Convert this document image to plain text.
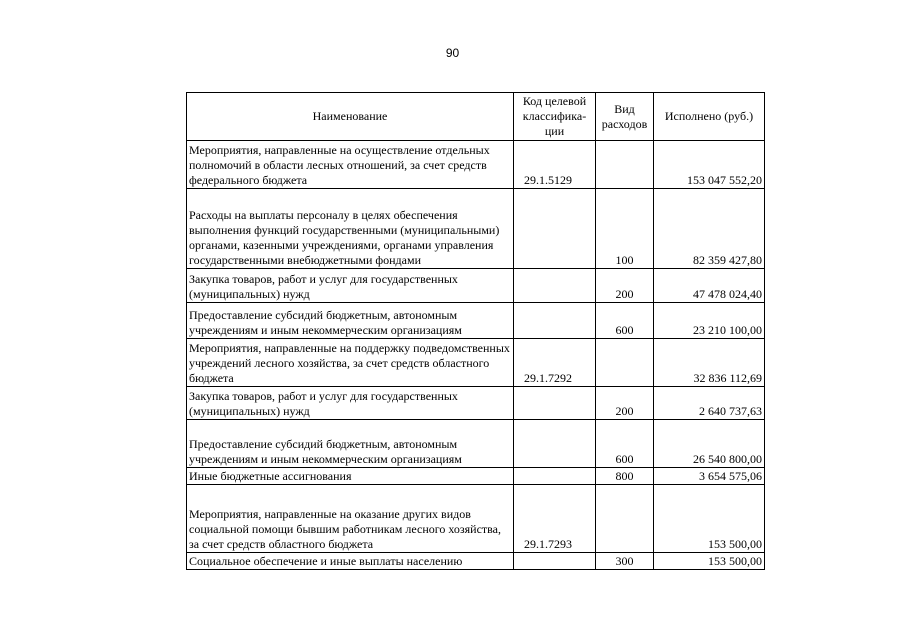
90
Наименование	Код целевой классифика-ции	Вид расходов	Исполнено (руб.)
Мероприятия, направленные на осуществление отдельных полномочий в области лесных отношений, за счет средств федерального бюджета	29.1.5129		153 047 552,20
Расходы на выплаты персоналу в целях обеспечения выполнения функций государственными (муниципальными) органами, казенными учреждениями, органами управления государственными внебюджетными фондами		100	82 359 427,80
Закупка товаров, работ и услуг для государственных (муниципальных) нужд		200	47 478 024,40
Предоставление субсидий бюджетным, автономным учреждениям и иным некоммерческим организациям		600	23 210 100,00
Мероприятия, направленные на поддержку подведомственных учреждений лесного хозяйства, за счет средств областного бюджета	29.1.7292		32 836 112,69
Закупка товаров, работ и услуг для государственных (муниципальных) нужд		200	2 640 737,63
Предоставление субсидий бюджетным, автономным учреждениям и иным некоммерческим организациям		600	26 540 800,00
Иные бюджетные ассигнования		800	3 654 575,06
Мероприятия, направленные на оказание других видов социальной помощи бывшим работникам лесного хозяйства, за счет средств областного бюджета	29.1.7293		153 500,00
Социальное обеспечение и иные выплаты населению		300	153 500,00
